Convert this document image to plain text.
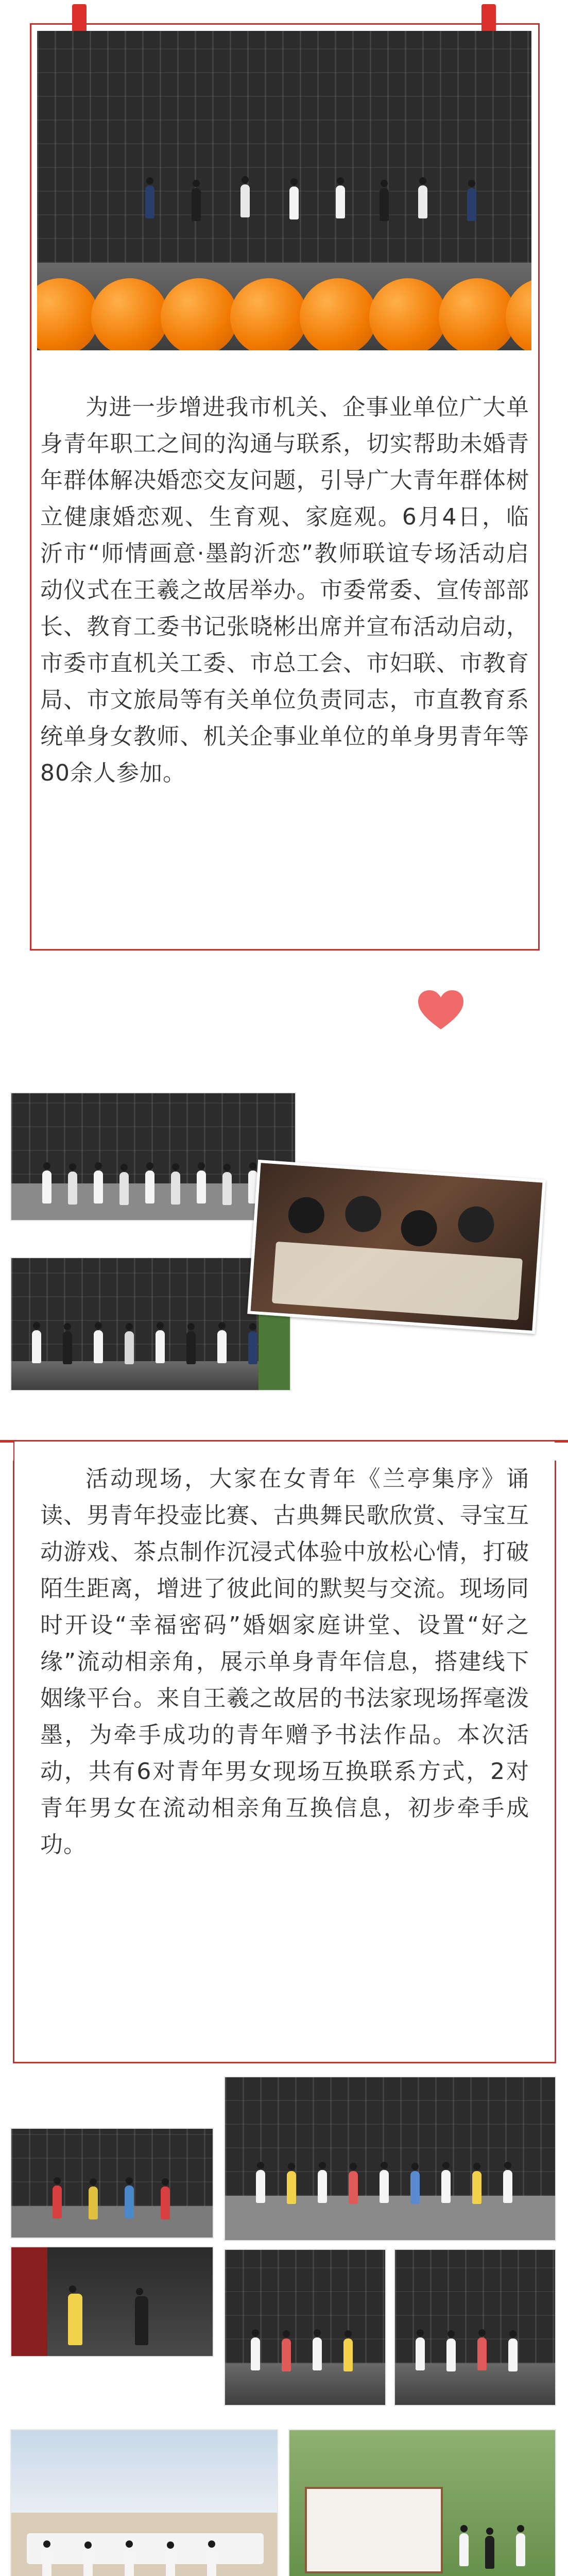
为进一步增进我市机关、企事业单位广大单身青年职工之间的沟通与联系，切实帮助未婚青年群体解决婚恋交友问题，引导广大青年群体树立健康婚恋观、生育观、家庭观。6月4日，临沂市“师情画意·墨韵沂恋”教师联谊专场活动启动仪式在王羲之故居举办。市委常委、宣传部部长、教育工委书记张晓彬出席并宣布活动启动，市委市直机关工委、市总工会、市妇联、市教育局、市文旅局等有关单位负责同志，市直教育系统单身女教师、机关企事业单位的单身男青年等80余人参加。
活动现场，大家在女青年《兰亭集序》诵读、男青年投壶比赛、古典舞民歌欣赏、寻宝互动游戏、茶点制作沉浸式体验中放松心情，打破陌生距离，增进了彼此间的默契与交流。现场同时开设“幸福密码”婚姻家庭讲堂、设置“好之缘”流动相亲角，展示单身青年信息，搭建线下姻缘平台。来自王羲之故居的书法家现场挥毫泼墨，为牵手成功的青年赠予书法作品。本次活动，共有6对青年男女现场互换联系方式，2对青年男女在流动相亲角互换信息，初步牵手成功。
